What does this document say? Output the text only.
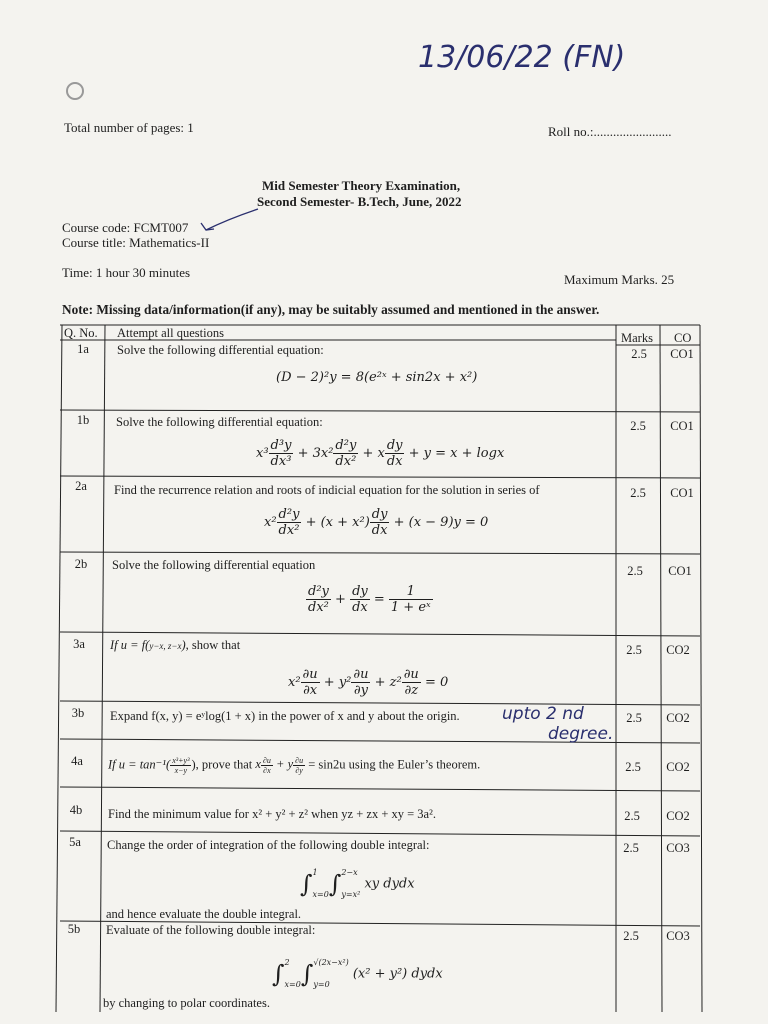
13/06/22 (FN)
Total number of pages: 1	Roll no.:........................
Mid Semester Theory Examination,
Second Semester- B.Tech, June, 2022
Course code: FCMT007
Course title: Mathematics-II
Time: 1 hour 30 minutes	Maximum Marks. 25
Note: Missing data/information(if any), may be suitably assumed and mentioned in the answer.
Q. No. Attempt all questions	Marks CO
1a	Solve the following differential equation:
(D − 2)²y = 8(e²ˣ + sin2x + x²)
2.5	CO1
1b	Solve the following differential equation:
$x^3 \frac{\text{d³y}}{\text{dx³}} + 3x^2 \frac{\text{d²y}}{\text{dx²}} + x \frac{dy}{dx} + y = x + \log x$
2.5	CO1
2a	Find the recurrence relation and roots of indicial equation for the solution in series of
$x^2 \frac{\text{d²y}}{\text{dx²}} + (x + x^2) \frac{dy}{dx} + (x - 9)y = 0$
2.5	CO1
2b	Solve the following differential equation
$\frac{\text{d²y}}{\text{dx²}} + \frac{dy}{dx} = \frac{1}{\text{1 + eˣ}}$
2.5	CO1
3a	If u = f(y−x, z−x), show that
$x^2 \frac{\partial u}{\partial x} + y^2 \frac{\partial u}{\partial y} + z^2 \frac{\partial u}{\partial z} = 0$
2.5	CO2
3b	Expand f(x, y) = eʸlog(1 + x) in the power of x and y about the origin. upto 2 nd
degree.
2.5	CO2
4a	If $u = \tan^{-1}( \frac{\text{x³+y³}}{x-y}$ ), prove that x $\frac{\partial u}{\partial x} + y \frac{\partial u}{\partial y} = \sin 2u$ using the Euler’s theorem.	2.5	CO2
4b	Find the minimum value for x² + y² + z² when yz + zx + xy = 3a².	2.5	CO2
5a	Change the order of integration of the following double integral:
∫1
x=0∫2−x
y=x² xy dydx
and hence evaluate the double integral.
2.5	CO3
5b	Evaluate of the following double integral:
∫2
x=0∫√(2x−x²)
y=0 (x² + y²) dydx
by changing to polar coordinates.
2.5	CO3
